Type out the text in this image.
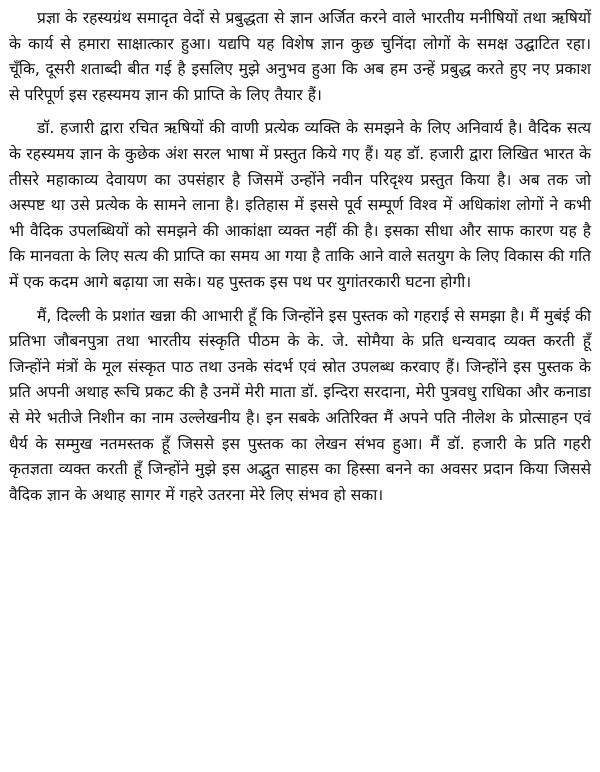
प्रज्ञा के रहस्यग्रंथ समादृत वेदों से प्रबुद्धता से ज्ञान अर्जित करने वाले भारतीय मनीषियों तथा ऋषियों के कार्य से हमारा साक्षात्कार हुआ। यद्यपि यह विशेष ज्ञान कुछ चुनिंदा लोगों के समक्ष उद्घाटित रहा। चूँकि, दूसरी शताब्दी बीत गई है इसलिए मुझे अनुभव हुआ कि अब हम उन्हें प्रबुद्ध करते हुए नए प्रकाश से परिपूर्ण इस रहस्यमय ज्ञान की प्राप्ति के लिए तैयार हैं।

डॉ. हजारी द्वारा रचित ऋषियों की वाणी प्रत्येक व्यक्ति के समझने के लिए अनिवार्य है। वैदिक सत्य के रहस्यमय ज्ञान के कुछेक अंश सरल भाषा में प्रस्तुत किये गए हैं। यह डॉ. हजारी द्वारा लिखित भारत के तीसरे महाकाव्य देवायण का उपसंहार है जिसमें उन्होंने नवीन परिदृश्य प्रस्तुत किया है। अब तक जो अस्पष्ट था उसे प्रत्येक के सामने लाना है। इतिहास में इससे पूर्व सम्पूर्ण विश्व में अधिकांश लोगों ने कभी भी वैदिक उपलब्धियों को समझने की आकांक्षा व्यक्त नहीं की है। इसका सीधा और साफ कारण यह है कि मानवता के लिए सत्य की प्राप्ति का समय आ गया है ताकि आने वाले सतयुग के लिए विकास की गति में एक कदम आगे बढ़ाया जा सके। यह पुस्तक इस पथ पर युगांतरकारी घटना होगी।

मैं, दिल्ली के प्रशांत खन्ना की आभारी हूँ कि जिन्होंने इस पुस्तक को गहराई से समझा है। मैं मुबंई की प्रतिभा जौबनपुत्रा तथा भारतीय संस्कृति पीठम के के. जे. सोमैया के प्रति धन्यवाद व्यक्त करती हूँ जिन्होंने मंत्रों के मूल संस्कृत पाठ तथा उनके संदर्भ एवं स्रोत उपलब्ध करवाए हैं। जिन्होंने इस पुस्तक के प्रति अपनी अथाह रूचि प्रकट की है उनमें मेरी माता डॉ. इन्दिरा सरदाना, मेरी पुत्रवधु राधिका और कनाडा से मेरे भतीजे निशीन का नाम उल्लेखनीय है। इन सबके अतिरिक्त मैं अपने पति नीलेश के प्रोत्साहन एवं धैर्य के सम्मुख नतमस्तक हूँ जिससे इस पुस्तक का लेखन संभव हुआ। मैं डॉ. हजारी के प्रति गहरी कृतज्ञता व्यक्त करती हूँ जिन्होंने मुझे इस अद्भुत साहस का हिस्सा बनने का अवसर प्रदान किया जिससे वैदिक ज्ञान के अथाह सागर में गहरे उतरना मेरे लिए संभव हो सका।
